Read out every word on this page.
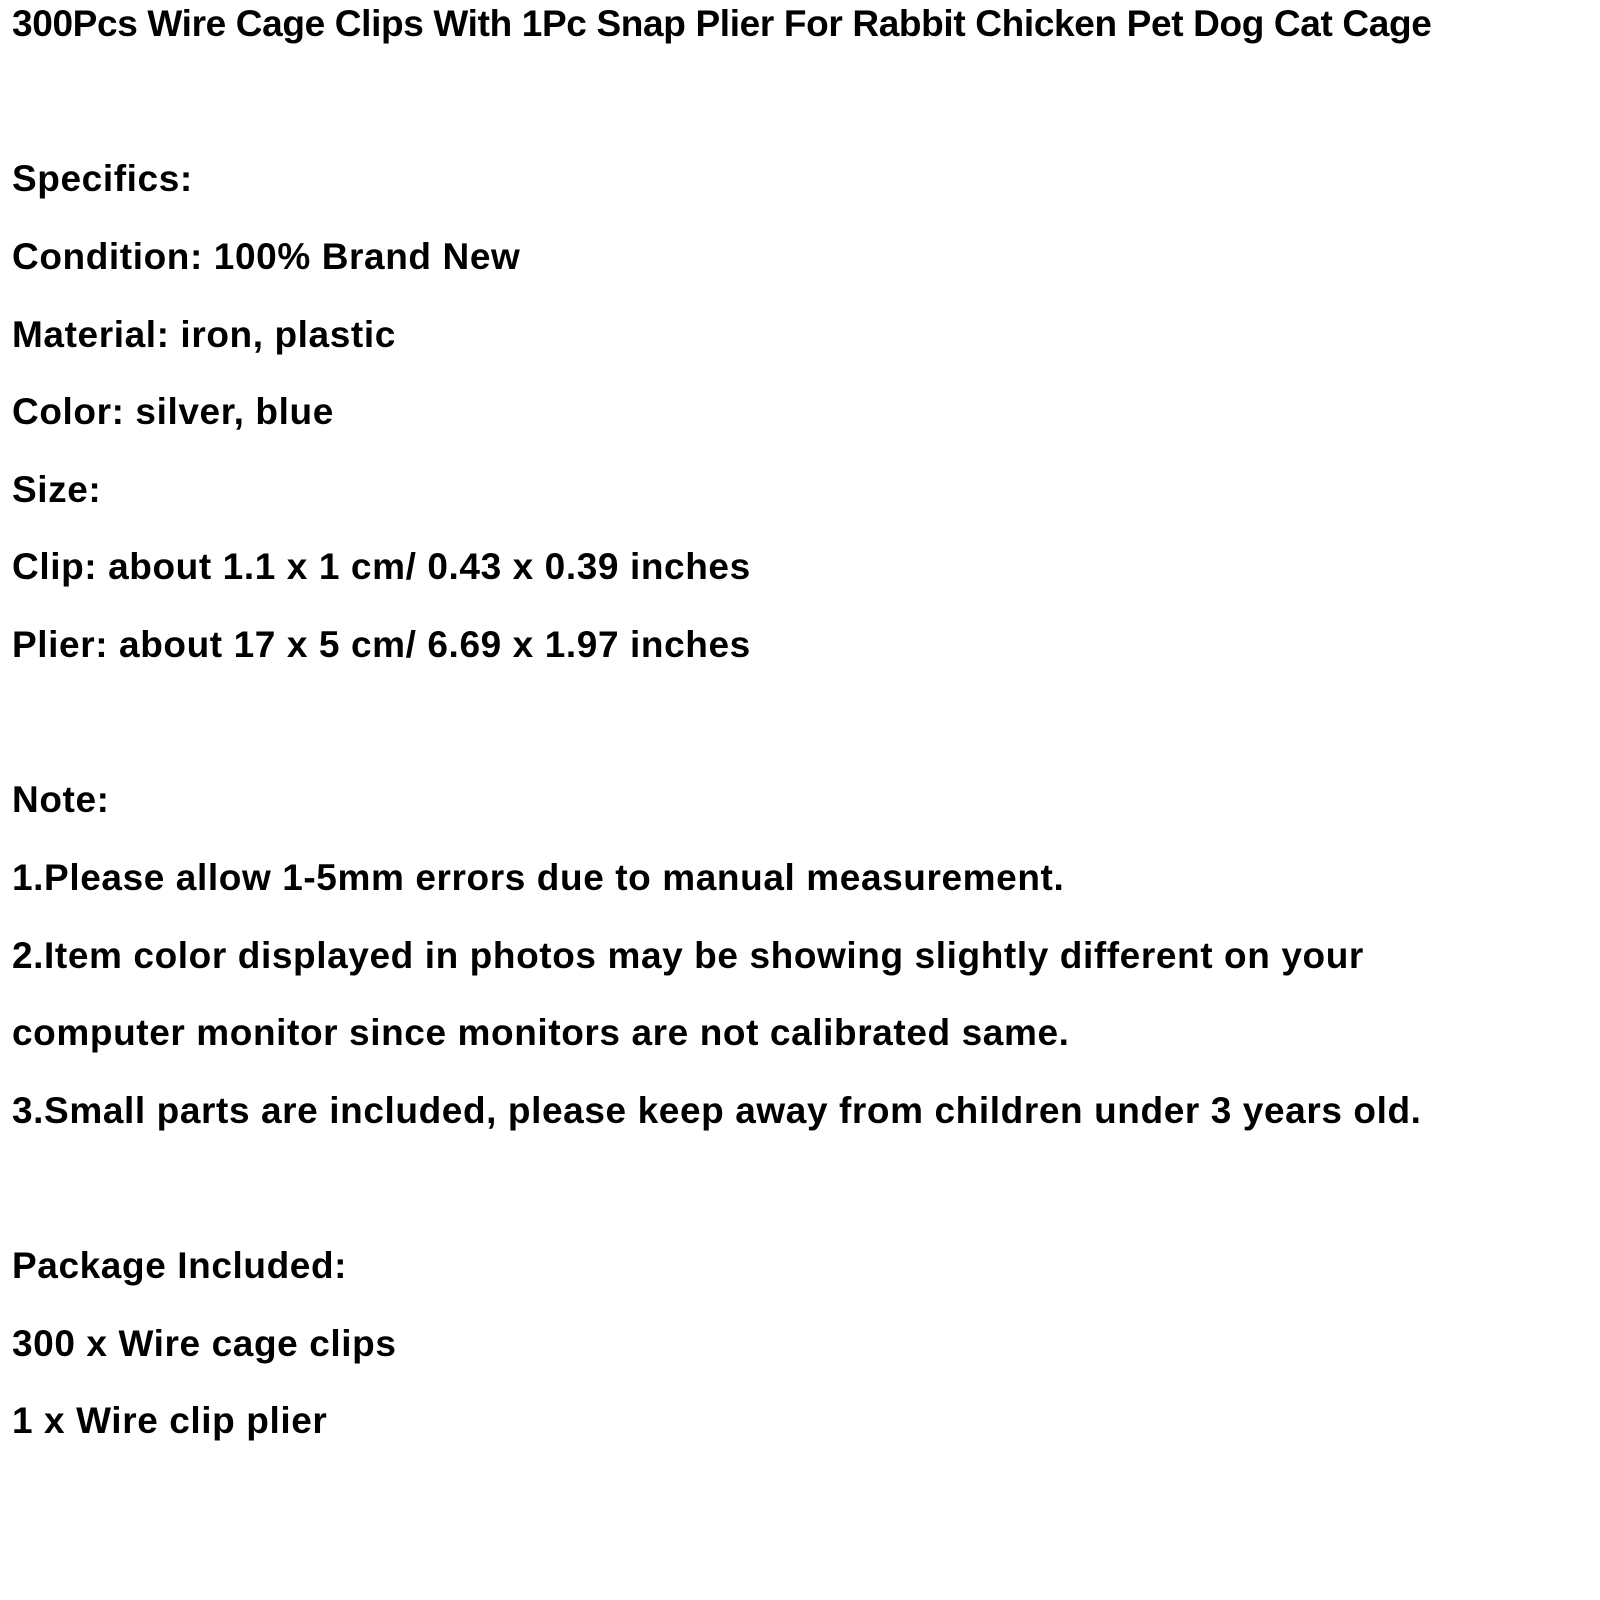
300Pcs Wire Cage Clips With 1Pc Snap Plier For Rabbit Chicken Pet Dog Cat Cage

Specifics:

Condition: 100% Brand New

Material: iron, plastic

Color: silver, blue

Size:

Clip: about 1.1 x 1 cm/ 0.43 x 0.39 inches

Plier: about 17 x 5 cm/ 6.69 x 1.97 inches

Note:

1.Please allow 1-5mm errors due to manual measurement.

2.Item color displayed in photos may be showing slightly different on your

computer monitor since monitors are not calibrated same.

3.Small parts are included, please keep away from children under 3 years old.

Package Included:

300 x Wire cage clips

1 x Wire clip plier
